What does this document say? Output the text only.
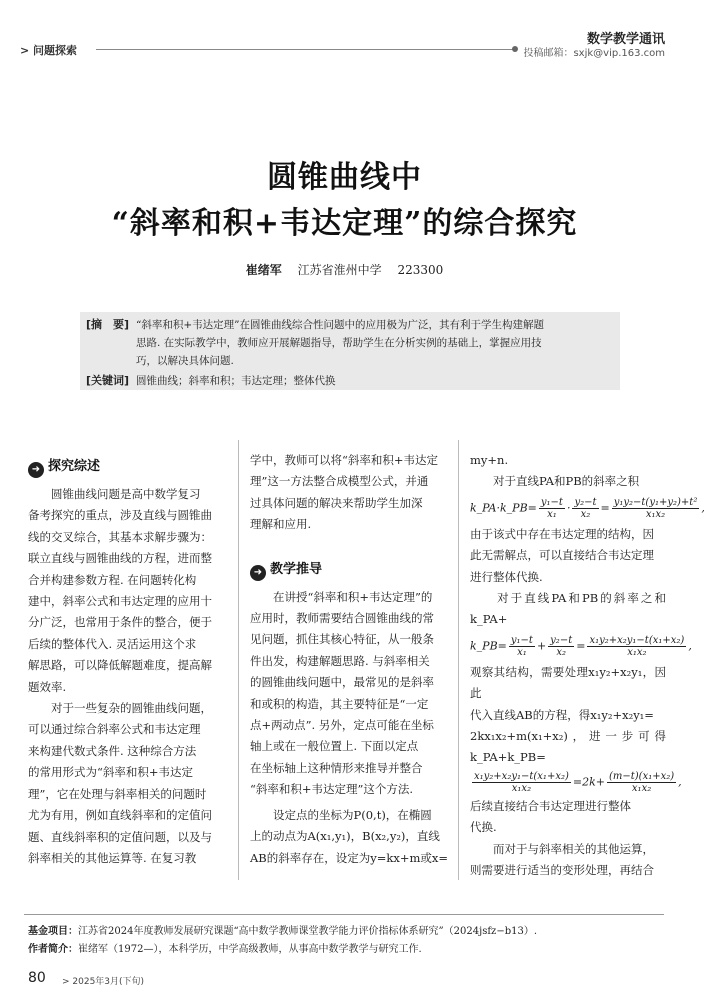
> 问题探索
数学教学通讯
投稿邮箱：sxjk@vip.163.com
圆锥曲线中
“斜率和积+韦达定理”的综合探究
崔绪军 江苏省淮州中学 223300
[摘　要] “斜率和积+韦达定理”在圆锥曲线综合性问题中的应用极为广泛，其有利于学生构建解题
思路. 在实际教学中，教师应开展解题指导，帮助学生在分析实例的基础上，掌握应用技
巧，以解决具体问题.
[关键词] 圆锥曲线；斜率和积；韦达定理；整体代换
➜ 探究综述
　　圆锥曲线问题是高中数学复习
备考探究的重点，涉及直线与圆锥曲
线的交叉综合，其基本求解步骤为：
联立直线与圆锥曲线的方程，进而整
合并构建参数方程. 在问题转化构
建中，斜率公式和韦达定理的应用十
分广泛，也常用于条件的整合，便于
后续的整体代入. 灵活运用这个求
解思路，可以降低解题难度，提高解
题效率.
　　对于一些复杂的圆锥曲线问题，
可以通过综合斜率公式和韦达定理
来构建代数式条件. 这种综合方法
的常用形式为“斜率和积+韦达定
理”，它在处理与斜率相关的问题时
尤为有用，例如直线斜率和的定值问
题、直线斜率积的定值问题，以及与
斜率相关的其他运算等. 在复习教
学中，教师可以将“斜率和积+韦达定
理”这一方法整合成模型公式，并通
过具体问题的解决来帮助学生加深
理解和应用.
➜ 教学推导
　　在讲授“斜率和积+韦达定理”的
应用时，教师需要结合圆锥曲线的常
见问题，抓住其核心特征，从一般条
件出发，构建解题思路. 与斜率相关
的圆锥曲线问题中，最常见的是斜率
和或积的构造，其主要特征是“一定
点+两动点”. 另外，定点可能在坐标
轴上或在一般位置上. 下面以定点
在坐标轴上这种情形来推导并整合
“斜率和积+韦达定理”这个方法.
　　设定点的坐标为P(0,t)，在椭圆
上的动点为A(x₁,y₁)，B(x₂,y₂)，直线
AB的斜率存在，设定为y=kx+m或x=
my+n.
　　对于直线PA和PB的斜率之积
k_PA·k_PB= $\frac{\text{y₁−t}}{\text{x₁}} \cdot \frac{\text{y₂−t}}{\text{x₂}} = \frac{\text{y₁y₂−t(y₁+y₂)+t²}}{\text{x₁x₂}}$ ,
由于该式中存在韦达定理的结构，因
此无需解点，可以直接结合韦达定理
进行整体代换.
　　对于直线PA和PB的斜率之和k_PA+
k_PB= $\frac{\text{y₁−t}}{\text{x₁}} + \frac{\text{y₂−t}}{\text{x₂}} = \frac{\text{x₁y₂+x₂y₁−t(x₁+x₂)}}{\text{x₁x₂}}$ ,
观察其结构，需要处理x₁y₂+x₂y₁，因此
代入直线AB的方程，得x₁y₂+x₂y₁=
2kx₁x₂+m(x₁+x₂)，进一步可得k_PA+k_PB=
$\frac{\text{x₁y₂+x₂y₁−t(x₁+x₂)}}{\text{x₁x₂}} =2k+ \frac{\text{(m−t)(x₁+x₂)}}{\text{x₁x₂}}$ ,
后续直接结合韦达定理进行整体
代换.
　　而对于与斜率相关的其他运算，
则需要进行适当的变形处理，再结合
基金项目：江苏省2024年度教师发展研究课题“高中数学教师课堂教学能力评价指标体系研究”（2024jsfz−b13）.
作者简介：崔绪军（1972—），本科学历，中学高级教师，从事高中数学教学与研究工作.
80 > 2025年3月(下旬)
